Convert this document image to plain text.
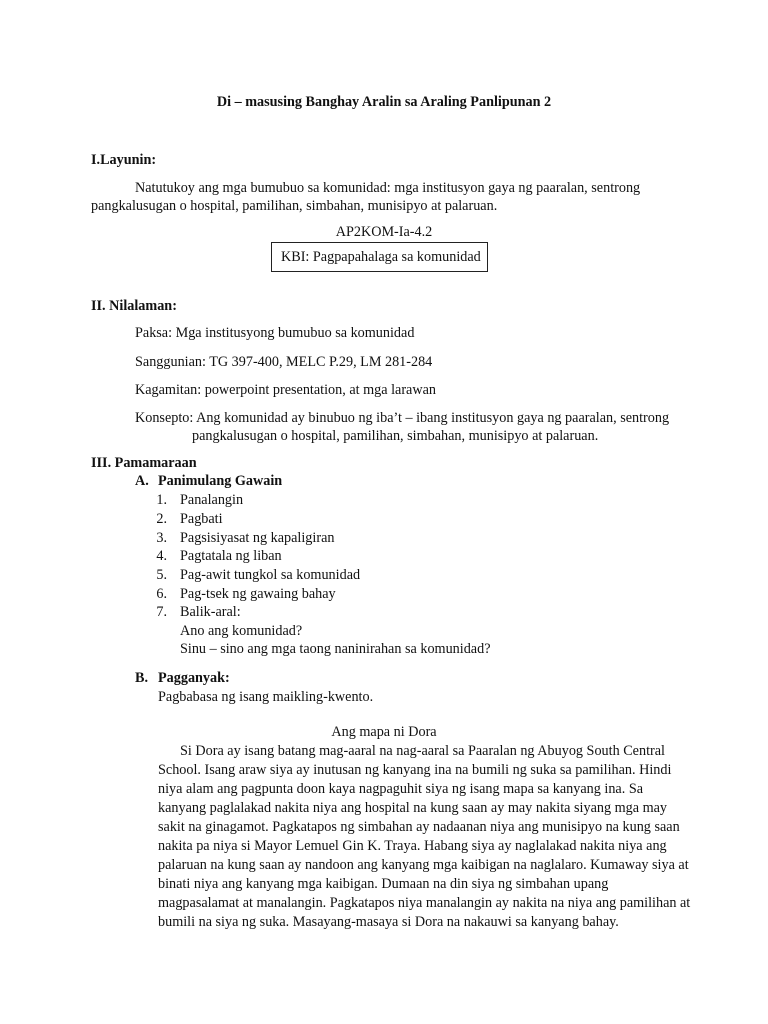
Di – masusing Banghay Aralin sa Araling Panlipunan 2
I.Layunin:
Natutukoy ang mga bumubuo sa komunidad: mga institusyon gaya ng paaralan, sentrong
pangkalusugan o hospital, pamilihan, simbahan, munisipyo at palaruan.
AP2KOM-Ia-4.2
KBI: Pagpapahalaga sa komunidad
II. Nilalaman:
Paksa: Mga institusyong bumubuo sa komunidad
Sanggunian: TG 397-400, MELC P.29, LM 281-284
Kagamitan: powerpoint presentation, at mga larawan
Konsepto: Ang komunidad ay binubuo ng iba’t – ibang institusyon gaya ng paaralan, sentrong
pangkalusugan o hospital, pamilihan, simbahan, munisipyo at palaruan.
III. Pamamaraan
A. Panimulang Gawain
1. Panalangin
2. Pagbati
3. Pagsisiyasat ng kapaligiran
4. Pagtatala ng liban
5. Pag-awit tungkol sa komunidad
6. Pag-tsek ng gawaing bahay
7. Balik-aral:
Ano ang komunidad?
Sinu – sino ang mga taong naninirahan sa komunidad?
B. Pagganyak:
Pagbabasa ng isang maikling-kwento.
Ang mapa ni Dora
Si Dora ay isang batang mag-aaral na nag-aaral sa Paaralan ng Abuyog South Central
School. Isang araw siya ay inutusan ng kanyang ina na bumili ng suka sa pamilihan. Hindi
niya alam ang pagpunta doon kaya nagpaguhit siya ng isang mapa sa kanyang ina. Sa
kanyang paglalakad nakita niya ang hospital na kung saan ay may nakita siyang mga may
sakit na ginagamot. Pagkatapos ng simbahan ay nadaanan niya ang munisipyo na kung saan
nakita pa niya si Mayor Lemuel Gin K. Traya. Habang siya ay naglalakad nakita niya ang
palaruan na kung saan ay nandoon ang kanyang mga kaibigan na naglalaro. Kumaway siya at
binati niya ang kanyang mga kaibigan. Dumaan na din siya ng simbahan upang
magpasalamat at manalangin. Pagkatapos niya manalangin ay nakita na niya ang pamilihan at
bumili na siya ng suka. Masayang-masaya si Dora na nakauwi sa kanyang bahay.
